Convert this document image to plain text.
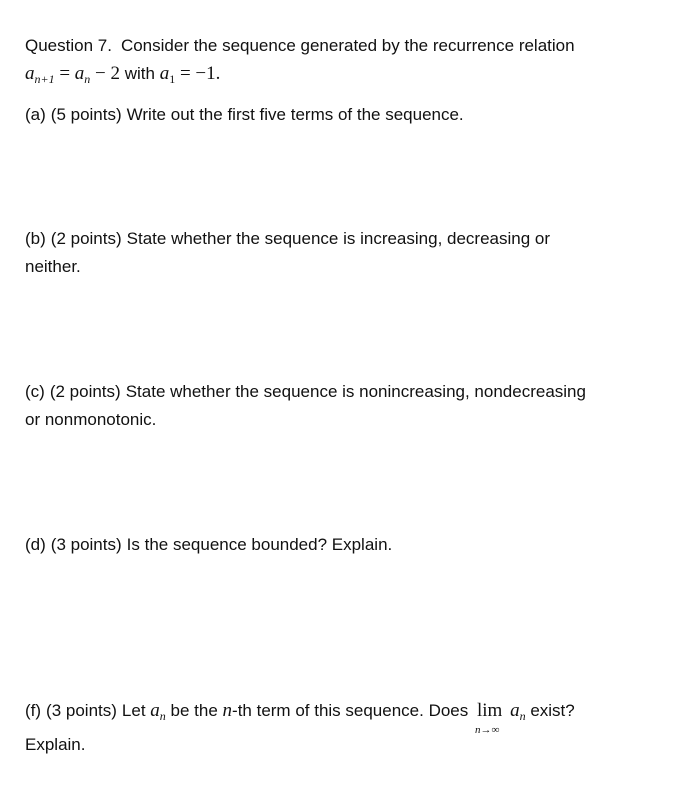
Question 7. Consider the sequence generated by the recurrence relation
$a_{n+1} = a_n - 2$ with $a_1 = -1$.
(a) (5 points) Write out the first five terms of the sequence.
(b) (2 points) State whether the sequence is increasing, decreasing or
neither.
(c) (2 points) State whether the sequence is nonincreasing, nondecreasing
or nonmonotonic.
(d) (3 points) Is the sequence bounded? Explain.
(f) (3 points) Let $a_n$ be the n-th term of this sequence. Does lim
n→∞
$a_n$ exist?
Explain.
